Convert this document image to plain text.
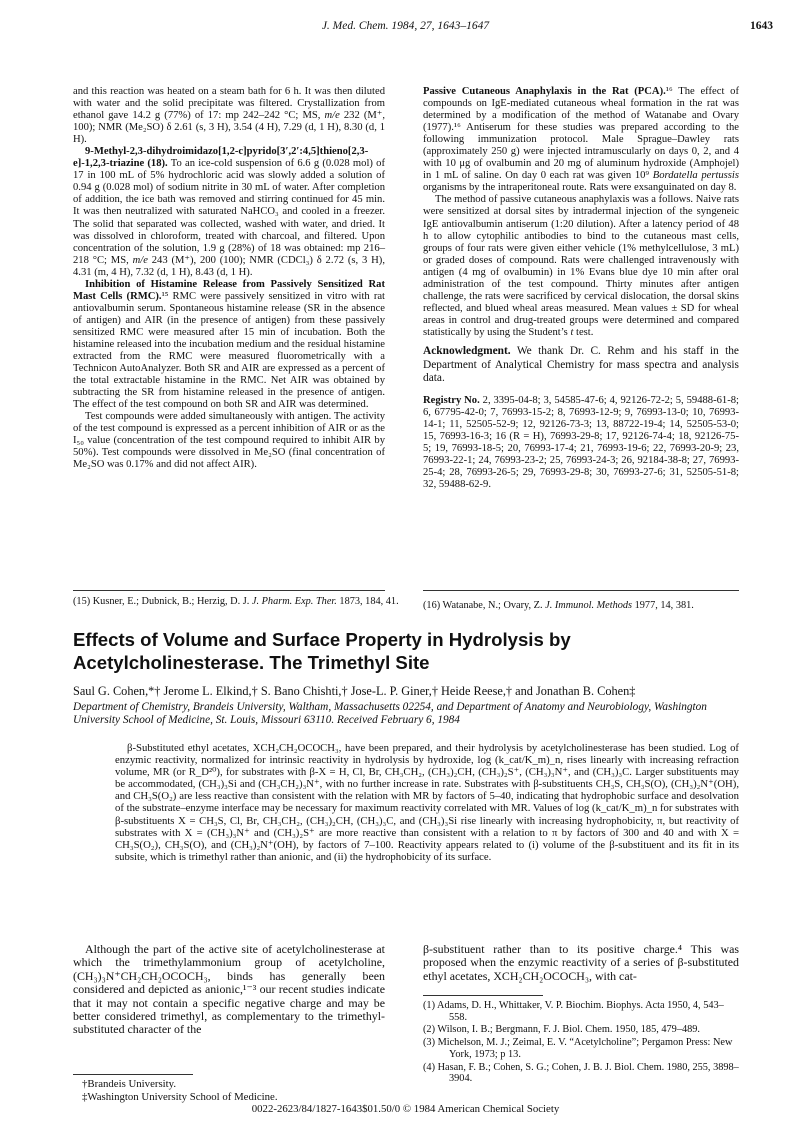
J. Med. Chem. 1984, 27, 1643–1647	1643

and this reaction was heated on a steam bath for 6 h. It was then diluted with water and the solid precipitate was filtered. Crystallization from ethanol gave 14.2 g (77%) of 17: mp 242–242 °C; MS, m/e 232 (M⁺, 100); NMR (Me₂SO) δ 2.61 (s, 3 H), 3.54 (4 H), 7.29 (d, 1 H), 8.30 (d, 1 H).

9-Methyl-2,3-dihydroimidazo[1,2-c]pyrido[3′,2′:4,5]thieno[2,3-e]-1,2,3-triazine (18). To an ice-cold suspension of 6.6 g (0.028 mol) of 17 in 100 mL of 5% hydrochloric acid was slowly added a solution of 0.94 g (0.028 mol) of sodium nitrite in 30 mL of water. After completion of addition, the ice bath was removed and stirring continued for 45 min. It was then neutralized with saturated NaHCO₃ and cooled in a freezer. The solid that separated was collected, washed with water, and dried. It was dissolved in chloroform, treated with charcoal, and filtered. Upon concentration of the solution, 1.9 g (28%) of 18 was obtained: mp 216–218 °C; MS, m/e 243 (M⁺), 200 (100); NMR (CDCl₃) δ 2.72 (s, 3 H), 4.31 (m, 4 H), 7.32 (d, 1 H), 8.43 (d, 1 H).

Inhibition of Histamine Release from Passively Sensitized Rat Mast Cells (RMC).¹⁵ RMC were passively sensitized in vitro with rat antiovalbumin serum. Spontaneous histamine release (SR in the absence of antigen) and AIR (in the presence of antigen) from these passively sensitized RMC were measured after 15 min of incubation. Both the histamine released into the incubation medium and the residual histamine extracted from the RMC were measured fluorometrically with a Technicon AutoAnalyzer. Both SR and AIR are expressed as a percent of the total extractable histamine in the RMC. Net AIR was obtained by subtracting the SR from histamine released in the presence of antigen. The effect of the test compound on both SR and AIR was determined.

Test compounds were added simultaneously with antigen. The activity of the test compound is expressed as a percent inhibition of AIR or as the I₅₀ value (concentration of the test compound required to inhibit AIR by 50%). Test compounds were dissolved in Me₂SO (final concentration of Me₂SO was 0.17% and did not affect AIR).

Passive Cutaneous Anaphylaxis in the Rat (PCA).¹⁶ The effect of compounds on IgE-mediated cutaneous wheal formation in the rat was determined by a modification of the method of Watanabe and Ovary (1977).¹⁶ Antiserum for these studies was prepared according to the following immunization protocol. Male Sprague–Dawley rats (approximately 250 g) were injected intramuscularly on days 0, 2, and 4 with 10 μg of ovalbumin and 20 mg of aluminum hydroxide (Amphojel) in 1 mL of saline. On day 0 each rat was given 10⁹ Bordatella pertussis organisms by the intraperitoneal route. Rats were exsanguinated on day 8.

The method of passive cutaneous anaphylaxis was a follows. Naive rats were sensitized at dorsal sites by intradermal injection of the syngeneic IgE antiovalbumin antiserum (1:20 dilution). After a latency period of 48 h to allow cytophilic antibodies to bind to the cutaneous mast cells, groups of four rats were given either vehicle (1% methylcellulose, 3 mL) or graded doses of compound. Rats were challenged intravenously with antigen (4 mg of ovalbumin) in 1% Evans blue dye 10 min after oral administration of the test compound. Thirty minutes after antigen challenge, the rats were sacrificed by cervical dislocation, the dorsal skins reflected, and blued wheal areas measured. Mean values ± SD for wheal areas in control and drug-treated groups were determined and compared statistically by using the Student’s t test.

Acknowledgment. We thank Dr. C. Rehm and his staff in the Department of Analytical Chemistry for mass spectra and analysis data.

Registry No. 2, 3395-04-8; 3, 54585-47-6; 4, 92126-72-2; 5, 59488-61-8; 6, 67795-42-0; 7, 76993-15-2; 8, 76993-12-9; 9, 76993-13-0; 10, 76993-14-1; 11, 52505-52-9; 12, 92126-73-3; 13, 88722-19-4; 14, 52505-53-0; 15, 76993-16-3; 16 (R = H), 76993-29-8; 17, 92126-74-4; 18, 92126-75-5; 19, 76993-18-5; 20, 76993-17-4; 21, 76993-19-6; 22, 76993-20-9; 23, 76993-22-1; 24, 76993-23-2; 25, 76993-24-3; 26, 92184-38-8; 27, 76993-25-4; 28, 76993-26-5; 29, 76993-29-8; 30, 76993-27-6; 31, 52505-51-8; 32, 59488-62-9.

(15) Kusner, E.; Dubnick, B.; Herzig, D. J. J. Pharm. Exp. Ther. 1873, 184, 41.	(16) Watanabe, N.; Ovary, Z. J. Immunol. Methods 1977, 14, 381.
Effects of Volume and Surface Property in Hydrolysis by Acetylcholinesterase. The Trimethyl Site
Saul G. Cohen,*† Jerome L. Elkind,† S. Bano Chishti,† Jose-L. P. Giner,† Heide Reese,† and Jonathan B. Cohen‡
Department of Chemistry, Brandeis University, Waltham, Massachusetts 02254, and Department of Anatomy and Neurobiology, Washington University School of Medicine, St. Louis, Missouri 63110. Received February 6, 1984

β-Substituted ethyl acetates, XCH₂CH₂OCOCH₃, have been prepared, and their hydrolysis by acetylcholinesterase has been studied. Log of enzymic reactivity, normalized for intrinsic reactivity in hydrolysis by hydroxide, log (k_cat/K_m)_n, rises linearly with increasing refraction volume, MR (or R_D²⁰), for substrates with β-X = H, Cl, Br, CH₃CH₂, (CH₃)₂CH, (CH₃)₂S⁺, (CH₃)₃N⁺, and (CH₃)₃C. Larger substituents may be accommodated, (CH₃)₃Si and (CH₃CH₂)₃N⁺, with no further increase in rate. Substrates with β-substituents CH₃S, CH₃S(O), (CH₃)₂N⁺(OH), and CH₃S(O₂) are less reactive than consistent with the relation with MR by factors of 5–40, indicating that hydrophobic surface and desolvation of the substrate–enzyme interface may be necessary for maximum reactivity correlated with MR. Values of log (k_cat/K_m)_n for substrates with β-substituents X = CH₃S, Cl, Br, CH₃CH₂, (CH₃)₂CH, (CH₃)₃C, and (CH₃)₃Si rise linearly with increasing hydrophobicity, π, but reactivity of substrates with X = (CH₃)₃N⁺ and (CH₃)₂S⁺ are more reactive than consistent with a relation to π by factors of 300 and 40 and with X = CH₃S(O₂), CH₃S(O), and (CH₃)₂N⁺(OH), by factors of 7–100. Reactivity appears related to (i) volume of the β-substituent and its fit in its subsite, which is trimethyl rather than anionic, and (ii) the hydrophobicity of its surface.

Although the part of the active site of acetylcholinesterase at which the trimethylammonium group of acetylcholine, (CH₃)₃N⁺CH₂CH₂OCOCH₃, binds has generally been considered and depicted as anionic,¹⁻³ our recent studies indicate that it may not contain a specific negative charge and may be better considered trimethyl, as complementary to the trimethyl-substituted character of the

β-substituent rather than to its positive charge.⁴ This was proposed when the enzymic reactivity of a series of β-substituted ethyl acetates, XCH₂CH₂OCOCH₃, with cat-

(1) Adams, D. H., Whittaker, V. P. Biochim. Biophys. Acta 1950, 4, 543–558.
(2) Wilson, I. B.; Bergmann, F. J. Biol. Chem. 1950, 185, 479–489.
(3) Michelson, M. J.; Zeimal, E. V. “Acetylcholine”; Pergamon Press: New York, 1973; p 13.
(4) Hasan, F. B.; Cohen, S. G.; Cohen, J. B. J. Biol. Chem. 1980, 255, 3898–3904.
†Brandeis University.
‡Washington University School of Medicine.
0022-2623/84/1827-1643$01.50/0 © 1984 American Chemical Society
